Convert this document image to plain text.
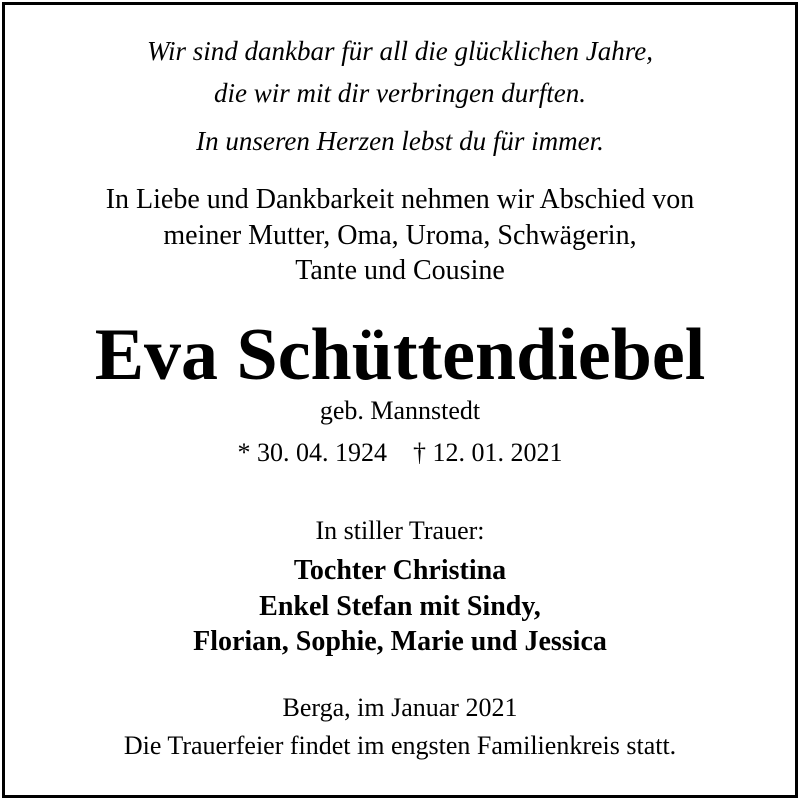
Wir sind dankbar für all die glücklichen Jahre,
die wir mit dir verbringen durften.
In unseren Herzen lebst du für immer.
In Liebe und Dankbarkeit nehmen wir Abschied von
meiner Mutter, Oma, Uroma, Schwägerin,
Tante und Cousine
Eva Schüttendiebel
geb. Mannstedt
* 30. 04. 1924 † 12. 01. 2021
In stiller Trauer:
Tochter Christina
Enkel Stefan mit Sindy,
Florian, Sophie, Marie und Jessica
Berga, im Januar 2021
Die Trauerfeier findet im engsten Familienkreis statt.
